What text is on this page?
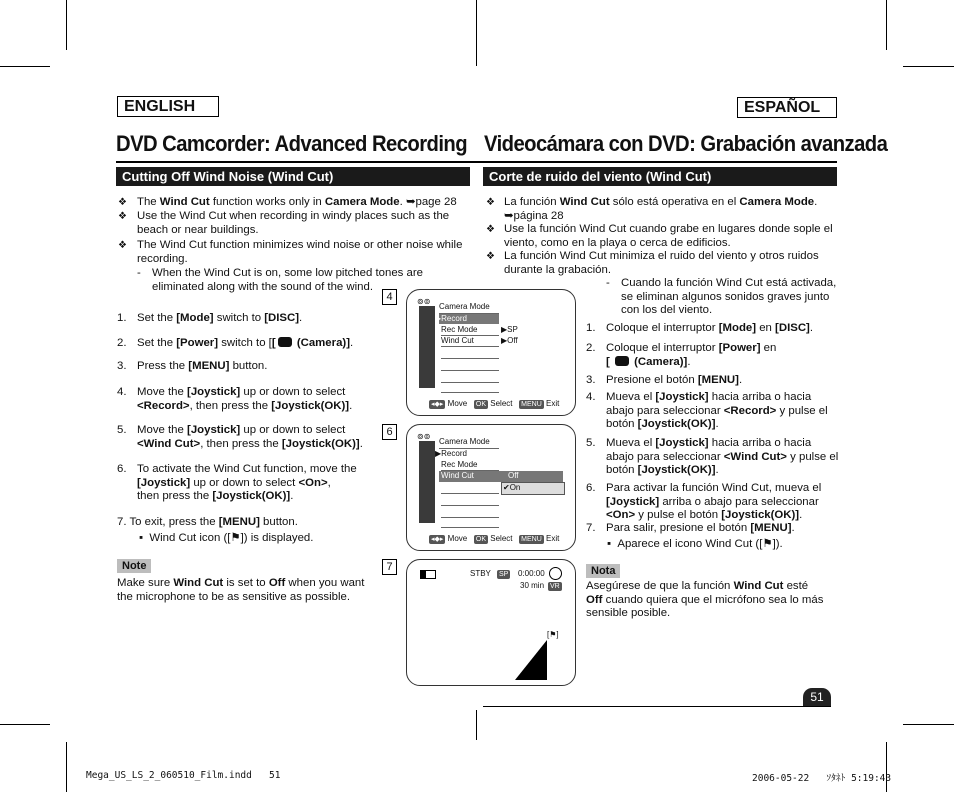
ENGLISH	ESPAÑOL
DVD Camcorder: Advanced Recording Videocámara con DVD: Grabación avanzada
Cutting Off Wind Noise (Wind Cut)	Corte de ruido del viento (Wind Cut)
❖ The Wind Cut function works only in Camera Mode. ➥page 28
❖ Use the Wind Cut when recording in windy places such as the
beach or near buildings.
❖ The Wind Cut function minimizes wind noise or other noise while
recording.
- When the Wind Cut is on, some low pitched tones are
eliminated along with the sound of the wind.
1. Set the [Mode] switch to [DISC].
2. Set the [Power] switch to [[ (Camera)].
3. Press the [MENU] button.
4. Move the [Joystick] up or down to select
<Record>, then press the [Joystick(OK)].
5. Move the [Joystick] up or down to select
<Wind Cut>, then press the [Joystick(OK)].
6. To activate the Wind Cut function, move the
[Joystick] up or down to select <On>,
then press the [Joystick(OK)].
7. To exit, press the [MENU] button.
▪  Wind Cut icon ([⚑]) is displayed.
Note
Make sure Wind Cut is set to Off when you want
the microphone to be as sensitive as possible.
4	⊚⊚
Camera Mode
▶Record
Rec Mode
Wind Cut
▶SP
▶Off
◂◆▸ Move OK Select MENU Exit
6	⊚⊚
Camera Mode
▶Record
Rec Mode
Wind Cut	Off
✔On
◂◆▸ Move OK Select MENU Exit
7
STBY SP 0:00:00
30 min VR
[⚑]
❖ La función Wind Cut sólo está operativa en el Camera Mode.
➥página 28
❖ Use la función Wind Cut cuando grabe en lugares donde sople el
viento, como en la playa o cerca de edificios.
❖ La función Wind Cut minimiza el ruido del viento y otros ruidos
durante la grabación.
- Cuando la función Wind Cut está activada,
se eliminan algunos sonidos graves junto
con los del viento.
1. Coloque el interruptor [Mode] en [DISC].
2. Coloque el interruptor [Power] en
[  (Camera)].
3. Presione el botón [MENU].
4. Mueva el [Joystick] hacia arriba o hacia
abajo para seleccionar <Record> y pulse el
botón [Joystick(OK)].
5. Mueva el [Joystick] hacia arriba o hacia
abajo para seleccionar <Wind Cut> y pulse el
botón [Joystick(OK)].
6. Para activar la función Wind Cut, mueva el
[Joystick] arriba o abajo para seleccionar
<On> y pulse el botón [Joystick(OK)].
7. Para salir, presione el botón [MENU].
▪  Aparece el icono Wind Cut ([⚑]).
Nota
Asegúrese de que la función Wind Cut esté
Off cuando quiera que el micrófono sea lo más
sensible posible.
51
Mega_US_LS_2_060510_Film.indd   51	2006-05-22   ｿﾀﾈﾄ 5:19:43
